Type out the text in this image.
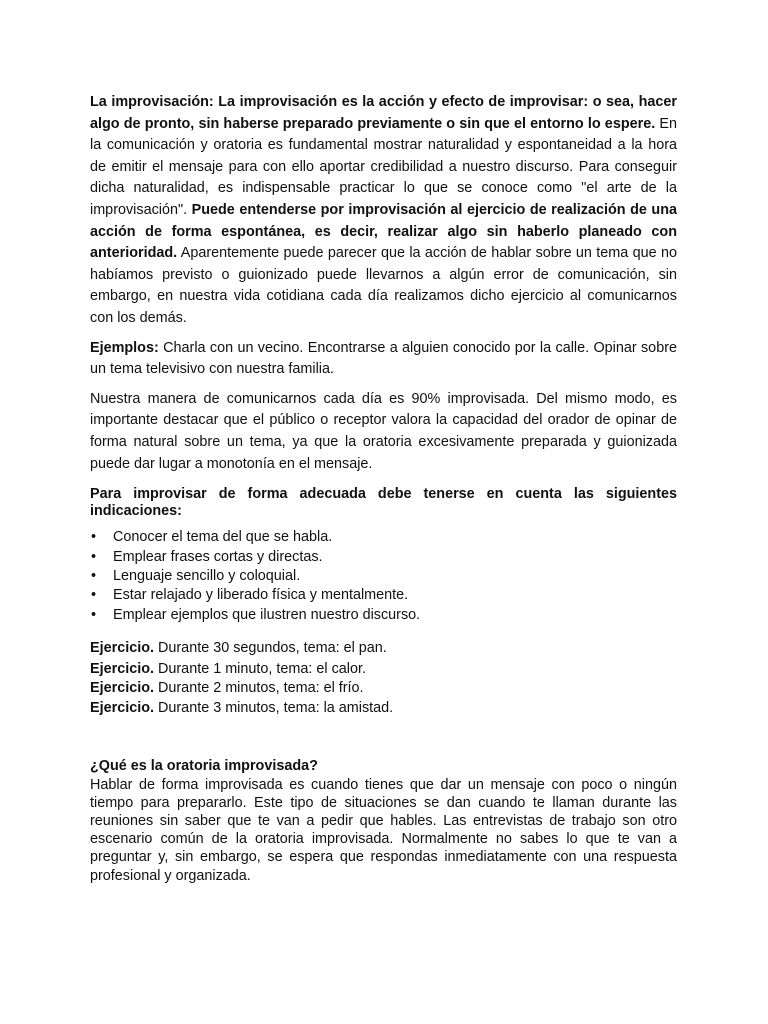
La improvisación: La improvisación es la acción y efecto de improvisar: o sea, hacer algo de pronto, sin haberse preparado previamente o sin que el entorno lo espere. En la comunicación y oratoria es fundamental mostrar naturalidad y espontaneidad a la hora de emitir el mensaje para con ello aportar credibilidad a nuestro discurso. Para conseguir dicha naturalidad, es indispensable practicar lo que se conoce como "el arte de la improvisación". Puede entenderse por improvisación al ejercicio de realización de una acción de forma espontánea, es decir, realizar algo sin haberlo planeado con anterioridad. Aparentemente puede parecer que la acción de hablar sobre un tema que no habíamos previsto o guionizado puede llevarnos a algún error de comunicación, sin embargo, en nuestra vida cotidiana cada día realizamos dicho ejercicio al comunicarnos con los demás.

Ejemplos: Charla con un vecino. Encontrarse a alguien conocido por la calle. Opinar sobre un tema televisivo con nuestra familia.

Nuestra manera de comunicarnos cada día es 90% improvisada. Del mismo modo, es importante destacar que el público o receptor valora la capacidad del orador de opinar de forma natural sobre un tema, ya que la oratoria excesivamente preparada y guionizada puede dar lugar a monotonía en el mensaje.

Para improvisar de forma adecuada debe tenerse en cuenta las siguientes indicaciones:

• Conocer el tema del que se habla.
• Emplear frases cortas y directas.
• Lenguaje sencillo y coloquial.
• Estar relajado y liberado física y mentalmente.
• Emplear ejemplos que ilustren nuestro discurso.

Ejercicio. Durante 30 segundos, tema: el pan.

Ejercicio. Durante 1 minuto, tema: el calor.

Ejercicio. Durante 2 minutos, tema: el frío.

Ejercicio. Durante 3 minutos, tema: la amistad.

¿Qué es la oratoria improvisada?

Hablar de forma improvisada es cuando tienes que dar un mensaje con poco o ningún tiempo para prepararlo. Este tipo de situaciones se dan cuando te llaman durante las reuniones sin saber que te van a pedir que hables. Las entrevistas de trabajo son otro escenario común de la oratoria improvisada. Normalmente no sabes lo que te van a preguntar y, sin embargo, se espera que respondas inmediatamente con una respuesta profesional y organizada.
